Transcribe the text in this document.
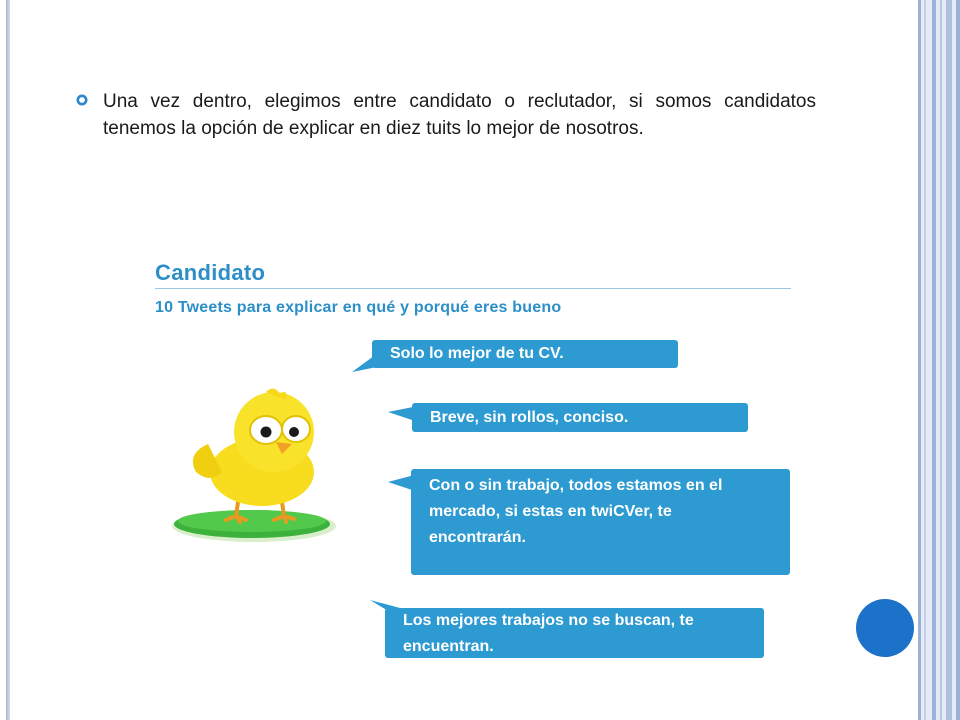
Una vez dentro, elegimos entre candidato o reclutador, si somos candidatos tenemos la opción de explicar en diez tuits lo mejor de nosotros.
Candidato
10 Tweets para explicar en qué y porqué eres bueno
Solo lo mejor de tu CV.
Breve, sin rollos, conciso.
Con o sin trabajo, todos estamos en el mercado, si estas en twiCVer, te encontrarán.
Los mejores trabajos no se buscan, te encuentran.
